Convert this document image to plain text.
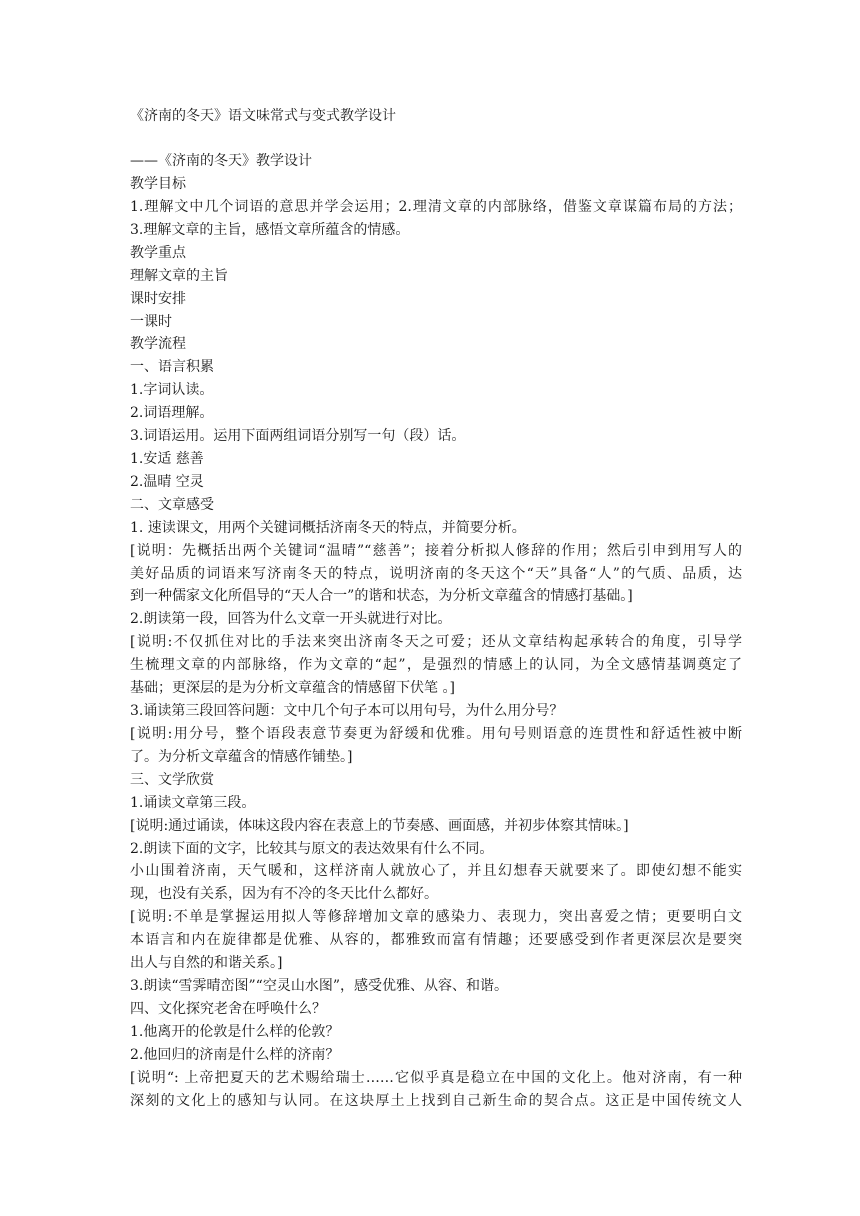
《济南的冬天》语文味常式与变式教学设计
——《济南的冬天》教学设计
教学目标
1.理解文中几个词语的意思并学会运用；2.理清文章的内部脉络，借鉴文章谋篇布局的方法；
3.理解文章的主旨，感悟文章所蕴含的情感。
教学重点
理解文章的主旨
课时安排
一课时
教学流程
一、语言积累
1.字词认读。
2.词语理解。
3.词语运用。运用下面两组词语分别写一句（段）话。
1.安适 慈善
2.温晴 空灵
二、文章感受
1. 速读课文，用两个关键词概括济南冬天的特点，并简要分析。
[说明：先概括出两个关键词“温晴”“慈善”；接着分析拟人修辞的作用；然后引申到用写人的
美好品质的词语来写济南冬天的特点，说明济南的冬天这个“天”具备“人”的气质、品质，达
到一种儒家文化所倡导的“天人合一”的谐和状态，为分析文章蕴含的情感打基础。]
2.朗读第一段，回答为什么文章一开头就进行对比。
[说明:不仅抓住对比的手法来突出济南冬天之可爱；还从文章结构起承转合的角度，引导学
生梳理文章的内部脉络，作为文章的“起”，是强烈的情感上的认同，为全文感情基调奠定了
基础；更深层的是为分析文章蕴含的情感留下伏笔 。]
3.诵读第三段回答问题：文中几个句子本可以用句号，为什么用分号？
[说明:用分号，整个语段表意节奏更为舒缓和优雅。用句号则语意的连贯性和舒适性被中断
了。为分析文章蕴含的情感作铺垫。]
三、文学欣赏
1.诵读文章第三段。
[说明:通过诵读，体味这段内容在表意上的节奏感、画面感，并初步体察其情味。]
2.朗读下面的文字，比较其与原文的表达效果有什么不同。
小山围着济南，天气暖和，这样济南人就放心了，并且幻想春天就要来了。即使幻想不能实
现，也没有关系，因为有不冷的冬天比什么都好。
[说明:不单是掌握运用拟人等修辞增加文章的感染力、表现力，突出喜爱之情；更要明白文
本语言和内在旋律都是优雅、从容的，都雅致而富有情趣；还要感受到作者更深层次是要突
出人与自然的和谐关系。]
3.朗读“雪霁晴峦图”“空灵山水图”，感受优雅、从容、和谐。
四、文化探究老舍在呼唤什么？
1.他离开的伦敦是什么样的伦敦？
2.他回归的济南是什么样的济南？
[说明“: 上帝把夏天的艺术赐给瑞士……它似乎真是稳立在中国的文化上。他对济南，有一种
深刻的文化上的感知与认同。在这块厚土上找到自己新生命的契合点。这正是中国传统文人
